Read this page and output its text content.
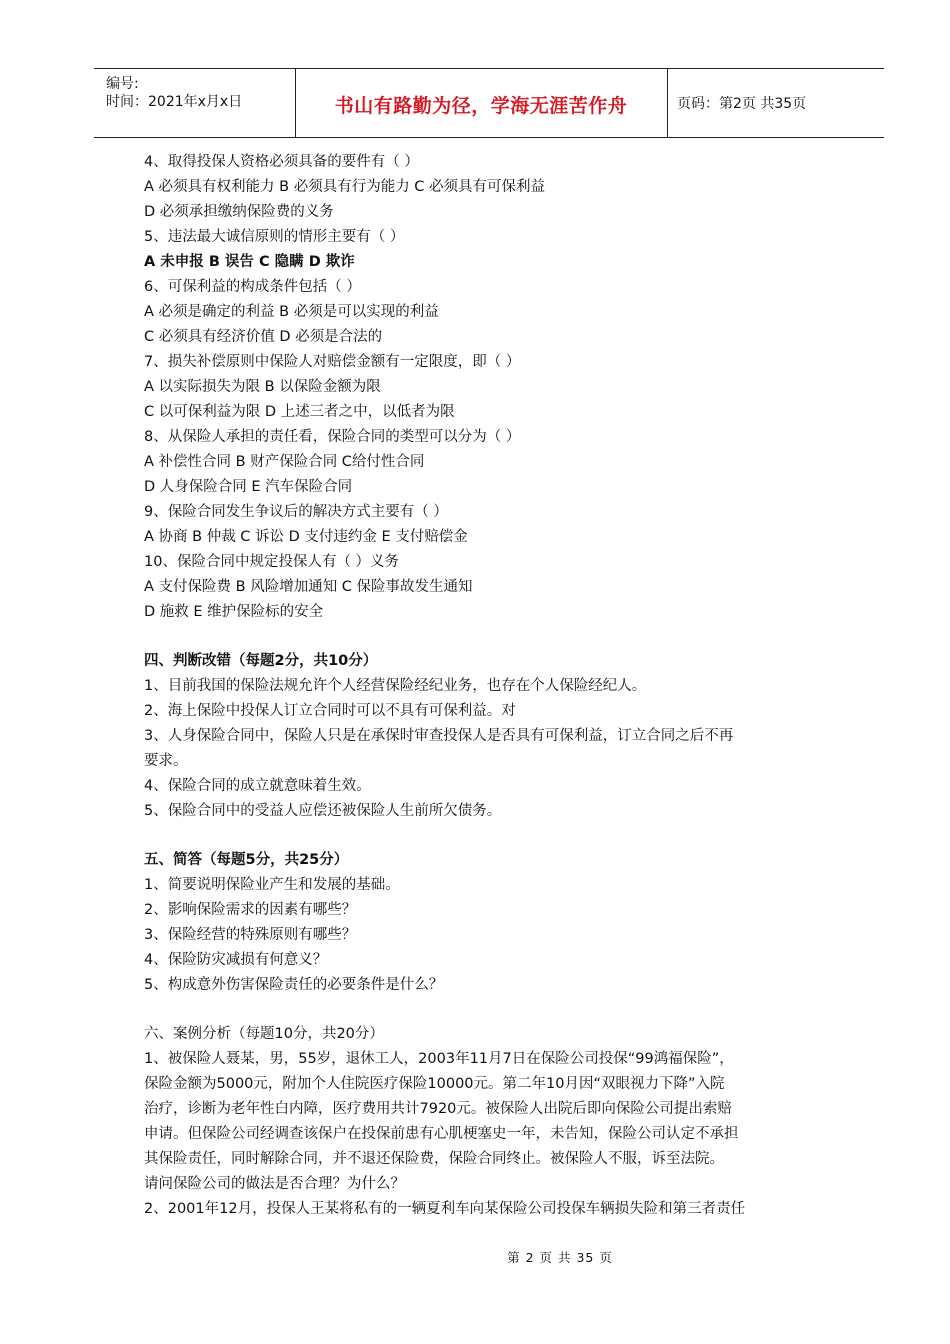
编号:
时间：2021年x月x日	书山有路勤为径，学海无涯苦作舟	页码：第2页 共35页
4、取得投保人资格必须具备的要件有（ ）
A 必须具有权利能力 B 必须具有行为能力 C 必须具有可保利益
D 必须承担缴纳保险费的义务
5、违法最大诚信原则的情形主要有（ ）
A 未申报 B 误告 C 隐瞒 D 欺诈
6、可保利益的构成条件包括（ ）
A 必须是确定的利益 B 必须是可以实现的利益
C 必须具有经济价值 D 必须是合法的
7、损失补偿原则中保险人对赔偿金额有一定限度，即（ ）
A 以实际损失为限 B 以保险金额为限
C 以可保利益为限 D 上述三者之中，以低者为限
8、从保险人承担的责任看，保险合同的类型可以分为（ ）
A 补偿性合同 B 财产保险合同 C给付性合同
D 人身保险合同 E 汽车保险合同
9、保险合同发生争议后的解决方式主要有（ ）
A 协商 B 仲裁 C 诉讼 D 支付违约金 E 支付赔偿金
10、保险合同中规定投保人有（ ）义务
A 支付保险费 B 风险增加通知 C 保险事故发生通知
D 施救 E 维护保险标的安全
四、判断改错（每题2分，共10分）
1、目前我国的保险法规允许个人经营保险经纪业务，也存在个人保险经纪人。
2、海上保险中投保人订立合同时可以不具有可保利益。对
3、人身保险合同中，保险人只是在承保时审查投保人是否具有可保利益，订立合同之后不再
要求。
4、保险合同的成立就意味着生效。
5、保险合同中的受益人应偿还被保险人生前所欠债务。
五、简答（每题5分，共25分）
1、简要说明保险业产生和发展的基础。
2、影响保险需求的因素有哪些？
3、保险经营的特殊原则有哪些？
4、保险防灾减损有何意义？
5、构成意外伤害保险责任的必要条件是什么？
六、案例分析（每题10分，共20分）
1、被保险人聂某，男，55岁，退休工人，2003年11月7日在保险公司投保“99鸿福保险”，
保险金额为5000元，附加个人住院医疗保险10000元。第二年10月因“双眼视力下降”入院
治疗，诊断为老年性白内障，医疗费用共计7920元。被保险人出院后即向保险公司提出索赔
申请。但保险公司经调查该保户在投保前患有心肌梗塞史一年，未告知，保险公司认定不承担
其保险责任，同时解除合同，并不退还保险费，保险合同终止。被保险人不服，诉至法院。
请问保险公司的做法是否合理？为什么？
2、2001年12月，投保人王某将私有的一辆夏利车向某保险公司投保车辆损失险和第三者责任
第 2 页 共 35 页
